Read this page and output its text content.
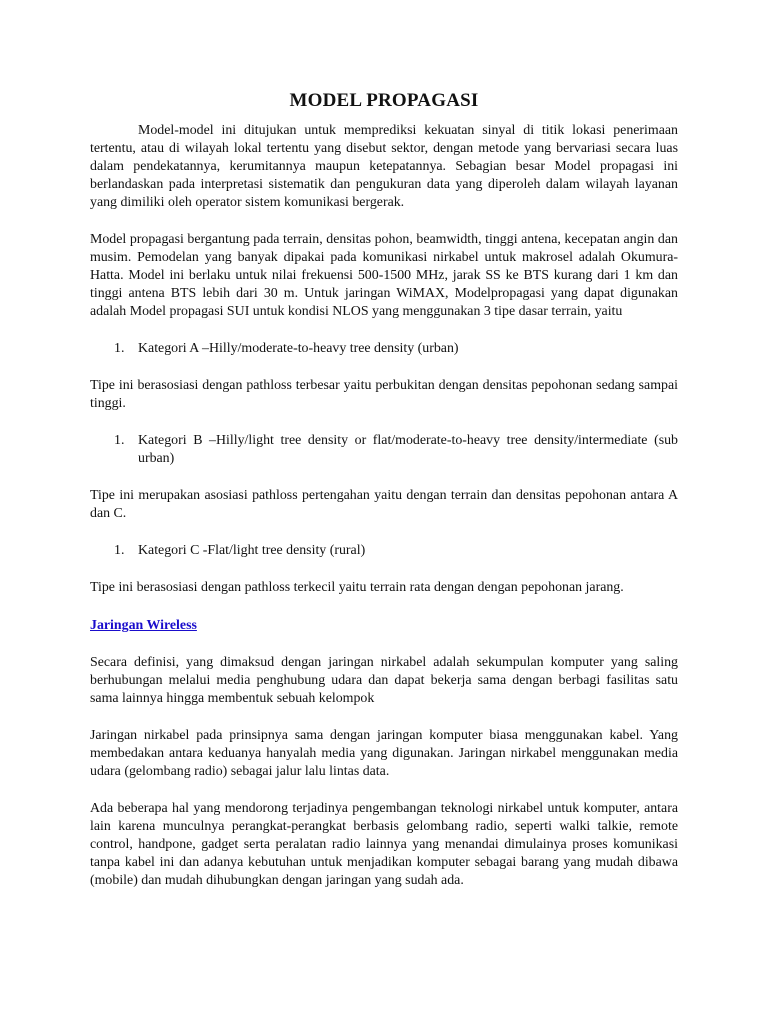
MODEL PROPAGASI

Model-model ini ditujukan untuk memprediksi kekuatan sinyal di titik lokasi penerimaan tertentu, atau di wilayah lokal tertentu yang disebut sektor, dengan metode yang bervariasi secara luas dalam pendekatannya, kerumitannya maupun ketepatannya. Sebagian besar Model propagasi ini berlandaskan pada interpretasi sistematik dan pengukuran data yang diperoleh dalam wilayah layanan yang dimiliki oleh operator sistem komunikasi bergerak.

Model propagasi bergantung pada terrain, densitas pohon, beamwidth, tinggi antena, kecepatan angin dan musim. Pemodelan yang banyak dipakai pada komunikasi nirkabel untuk makrosel adalah Okumura-Hatta. Model ini berlaku untuk nilai frekuensi 500-1500 MHz, jarak SS ke BTS kurang dari 1 km dan tinggi antena BTS lebih dari 30 m. Untuk jaringan WiMAX, Modelpropagasi yang dapat digunakan adalah Model propagasi SUI untuk kondisi NLOS yang menggunakan 3 tipe dasar terrain, yaitu

1. Kategori A –Hilly/moderate-to-heavy tree density (urban)

Tipe ini berasosiasi dengan pathloss terbesar yaitu perbukitan dengan densitas pepohonan sedang sampai tinggi.

1. Kategori B –Hilly/light tree density or flat/moderate-to-heavy tree density/intermediate (sub urban)

Tipe ini merupakan asosiasi pathloss pertengahan yaitu dengan terrain dan densitas pepohonan antara A dan C.

1. Kategori C -Flat/light tree density (rural)

Tipe ini berasosiasi dengan pathloss terkecil yaitu terrain rata dengan dengan pepohonan jarang.

Jaringan Wireless

Secara definisi, yang dimaksud dengan jaringan nirkabel adalah sekumpulan komputer yang saling berhubungan melalui media penghubung udara dan dapat bekerja sama dengan berbagi fasilitas satu sama lainnya hingga membentuk sebuah kelompok

Jaringan nirkabel pada prinsipnya sama dengan jaringan komputer biasa menggunakan kabel. Yang membedakan antara keduanya hanyalah media yang digunakan. Jaringan nirkabel menggunakan media udara (gelombang radio) sebagai jalur lalu lintas data.

Ada beberapa hal yang mendorong terjadinya pengembangan teknologi nirkabel untuk komputer, antara lain karena munculnya perangkat-perangkat berbasis gelombang radio, seperti walki talkie, remote control, handpone, gadget serta peralatan radio lainnya yang menandai dimulainya proses komunikasi tanpa kabel ini dan adanya kebutuhan untuk menjadikan komputer sebagai barang yang mudah dibawa (mobile) dan mudah dihubungkan dengan jaringan yang sudah ada.
